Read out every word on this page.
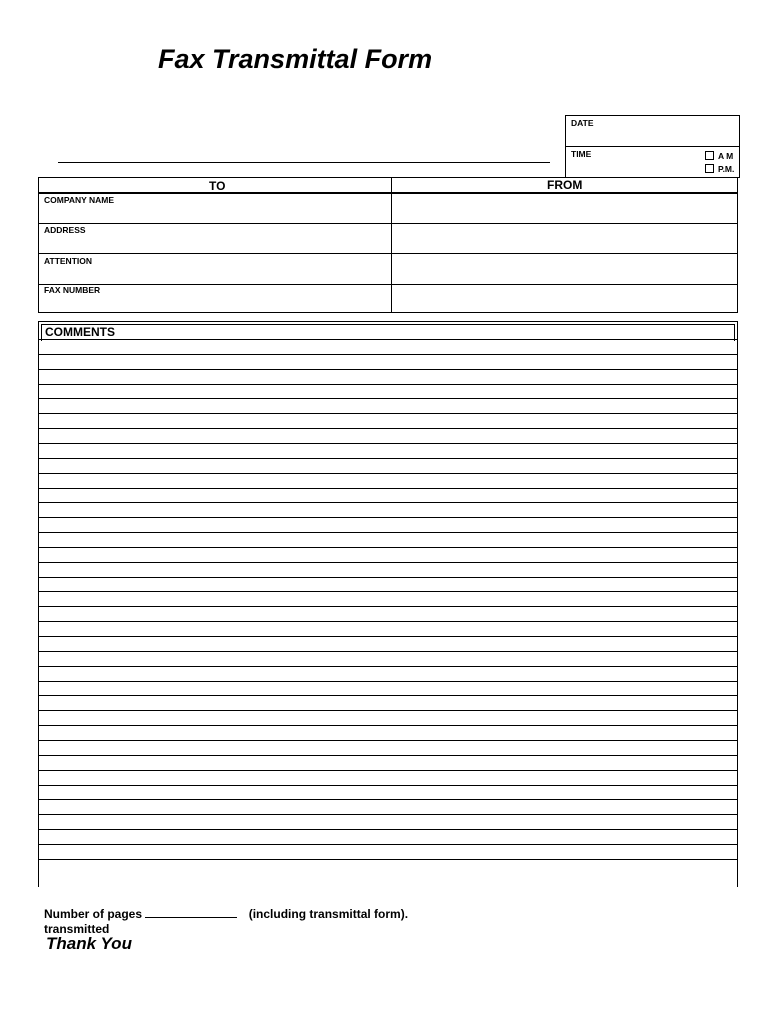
Fax Transmittal Form
DATE
TIME	A M
P.M.
TO	FROM
COMPANY NAME
ADDRESS
ATTENTION
FAX NUMBER
COMMENTS
Number of pages	(including transmittal form).
transmitted
Thank You
